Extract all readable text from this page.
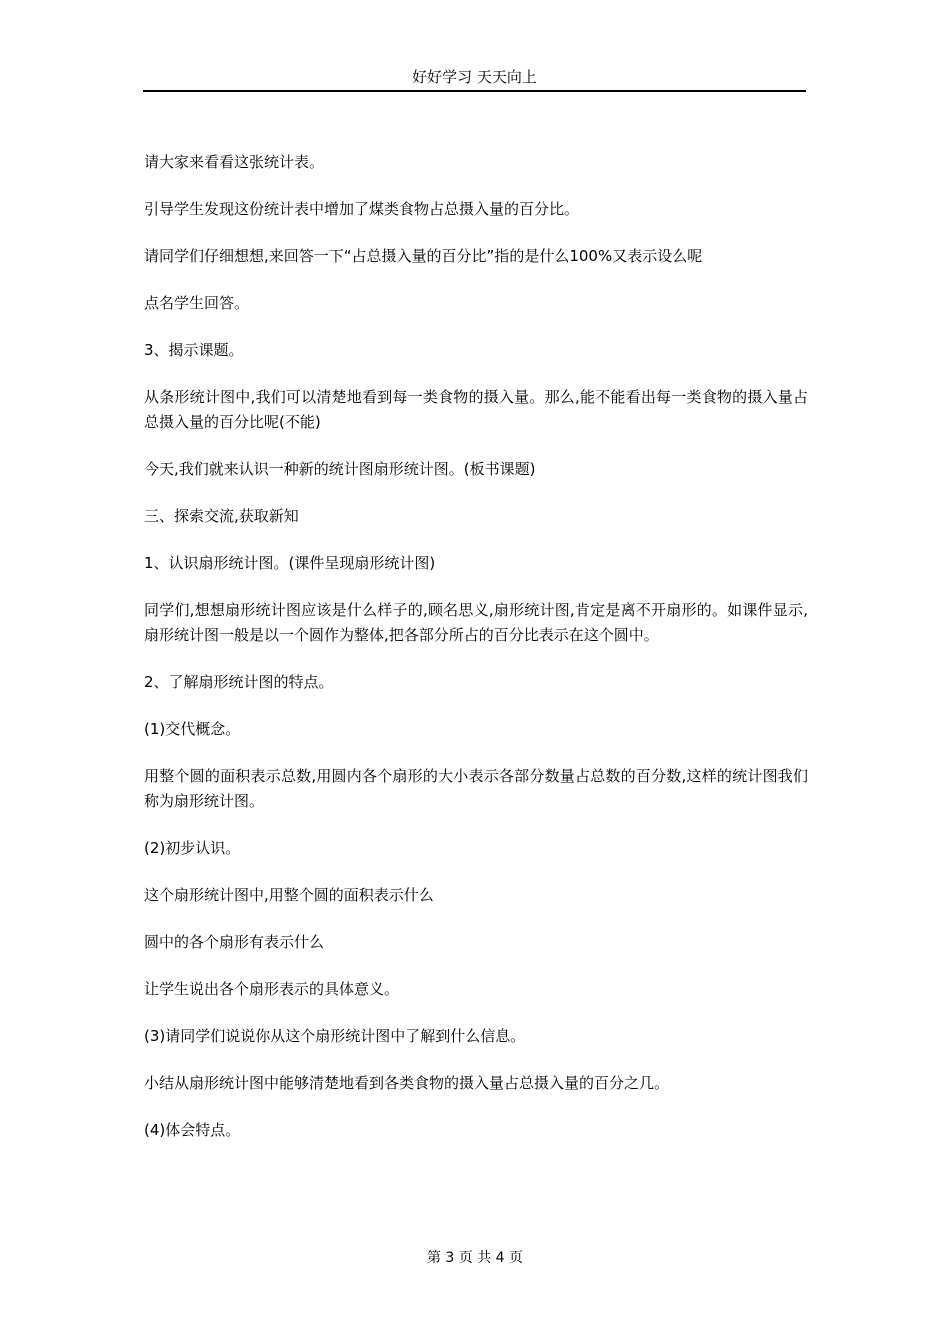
好好学习 天天向上

请大家来看看这张统计表。

引导学生发现这份统计表中增加了煤类食物占总摄入量的百分比。

请同学们仔细想想,来回答一下“占总摄入量的百分比”指的是什么100%又表示设么呢

点名学生回答。

3、揭示课题。

从条形统计图中,我们可以清楚地看到每一类食物的摄入量。那么,能不能看出每一类食物的摄入量占总摄入量的百分比呢(不能)

今天,我们就来认识一种新的统计图扇形统计图。(板书课题)

三、探索交流,获取新知

1、认识扇形统计图。(课件呈现扇形统计图)

同学们,想想扇形统计图应该是什么样子的,顾名思义,扇形统计图,肯定是离不开扇形的。如课件显示,扇形统计图一般是以一个圆作为整体,把各部分所占的百分比表示在这个圆中。

2、了解扇形统计图的特点。

(1)交代概念。

用整个圆的面积表示总数,用圆内各个扇形的大小表示各部分数量占总数的百分数,这样的统计图我们称为扇形统计图。

(2)初步认识。

这个扇形统计图中,用整个圆的面积表示什么

圆中的各个扇形有表示什么

让学生说出各个扇形表示的具体意义。

(3)请同学们说说你从这个扇形统计图中了解到什么信息。

小结从扇形统计图中能够清楚地看到各类食物的摄入量占总摄入量的百分之几。

(4)体会特点。

第 3 页 共 4 页
